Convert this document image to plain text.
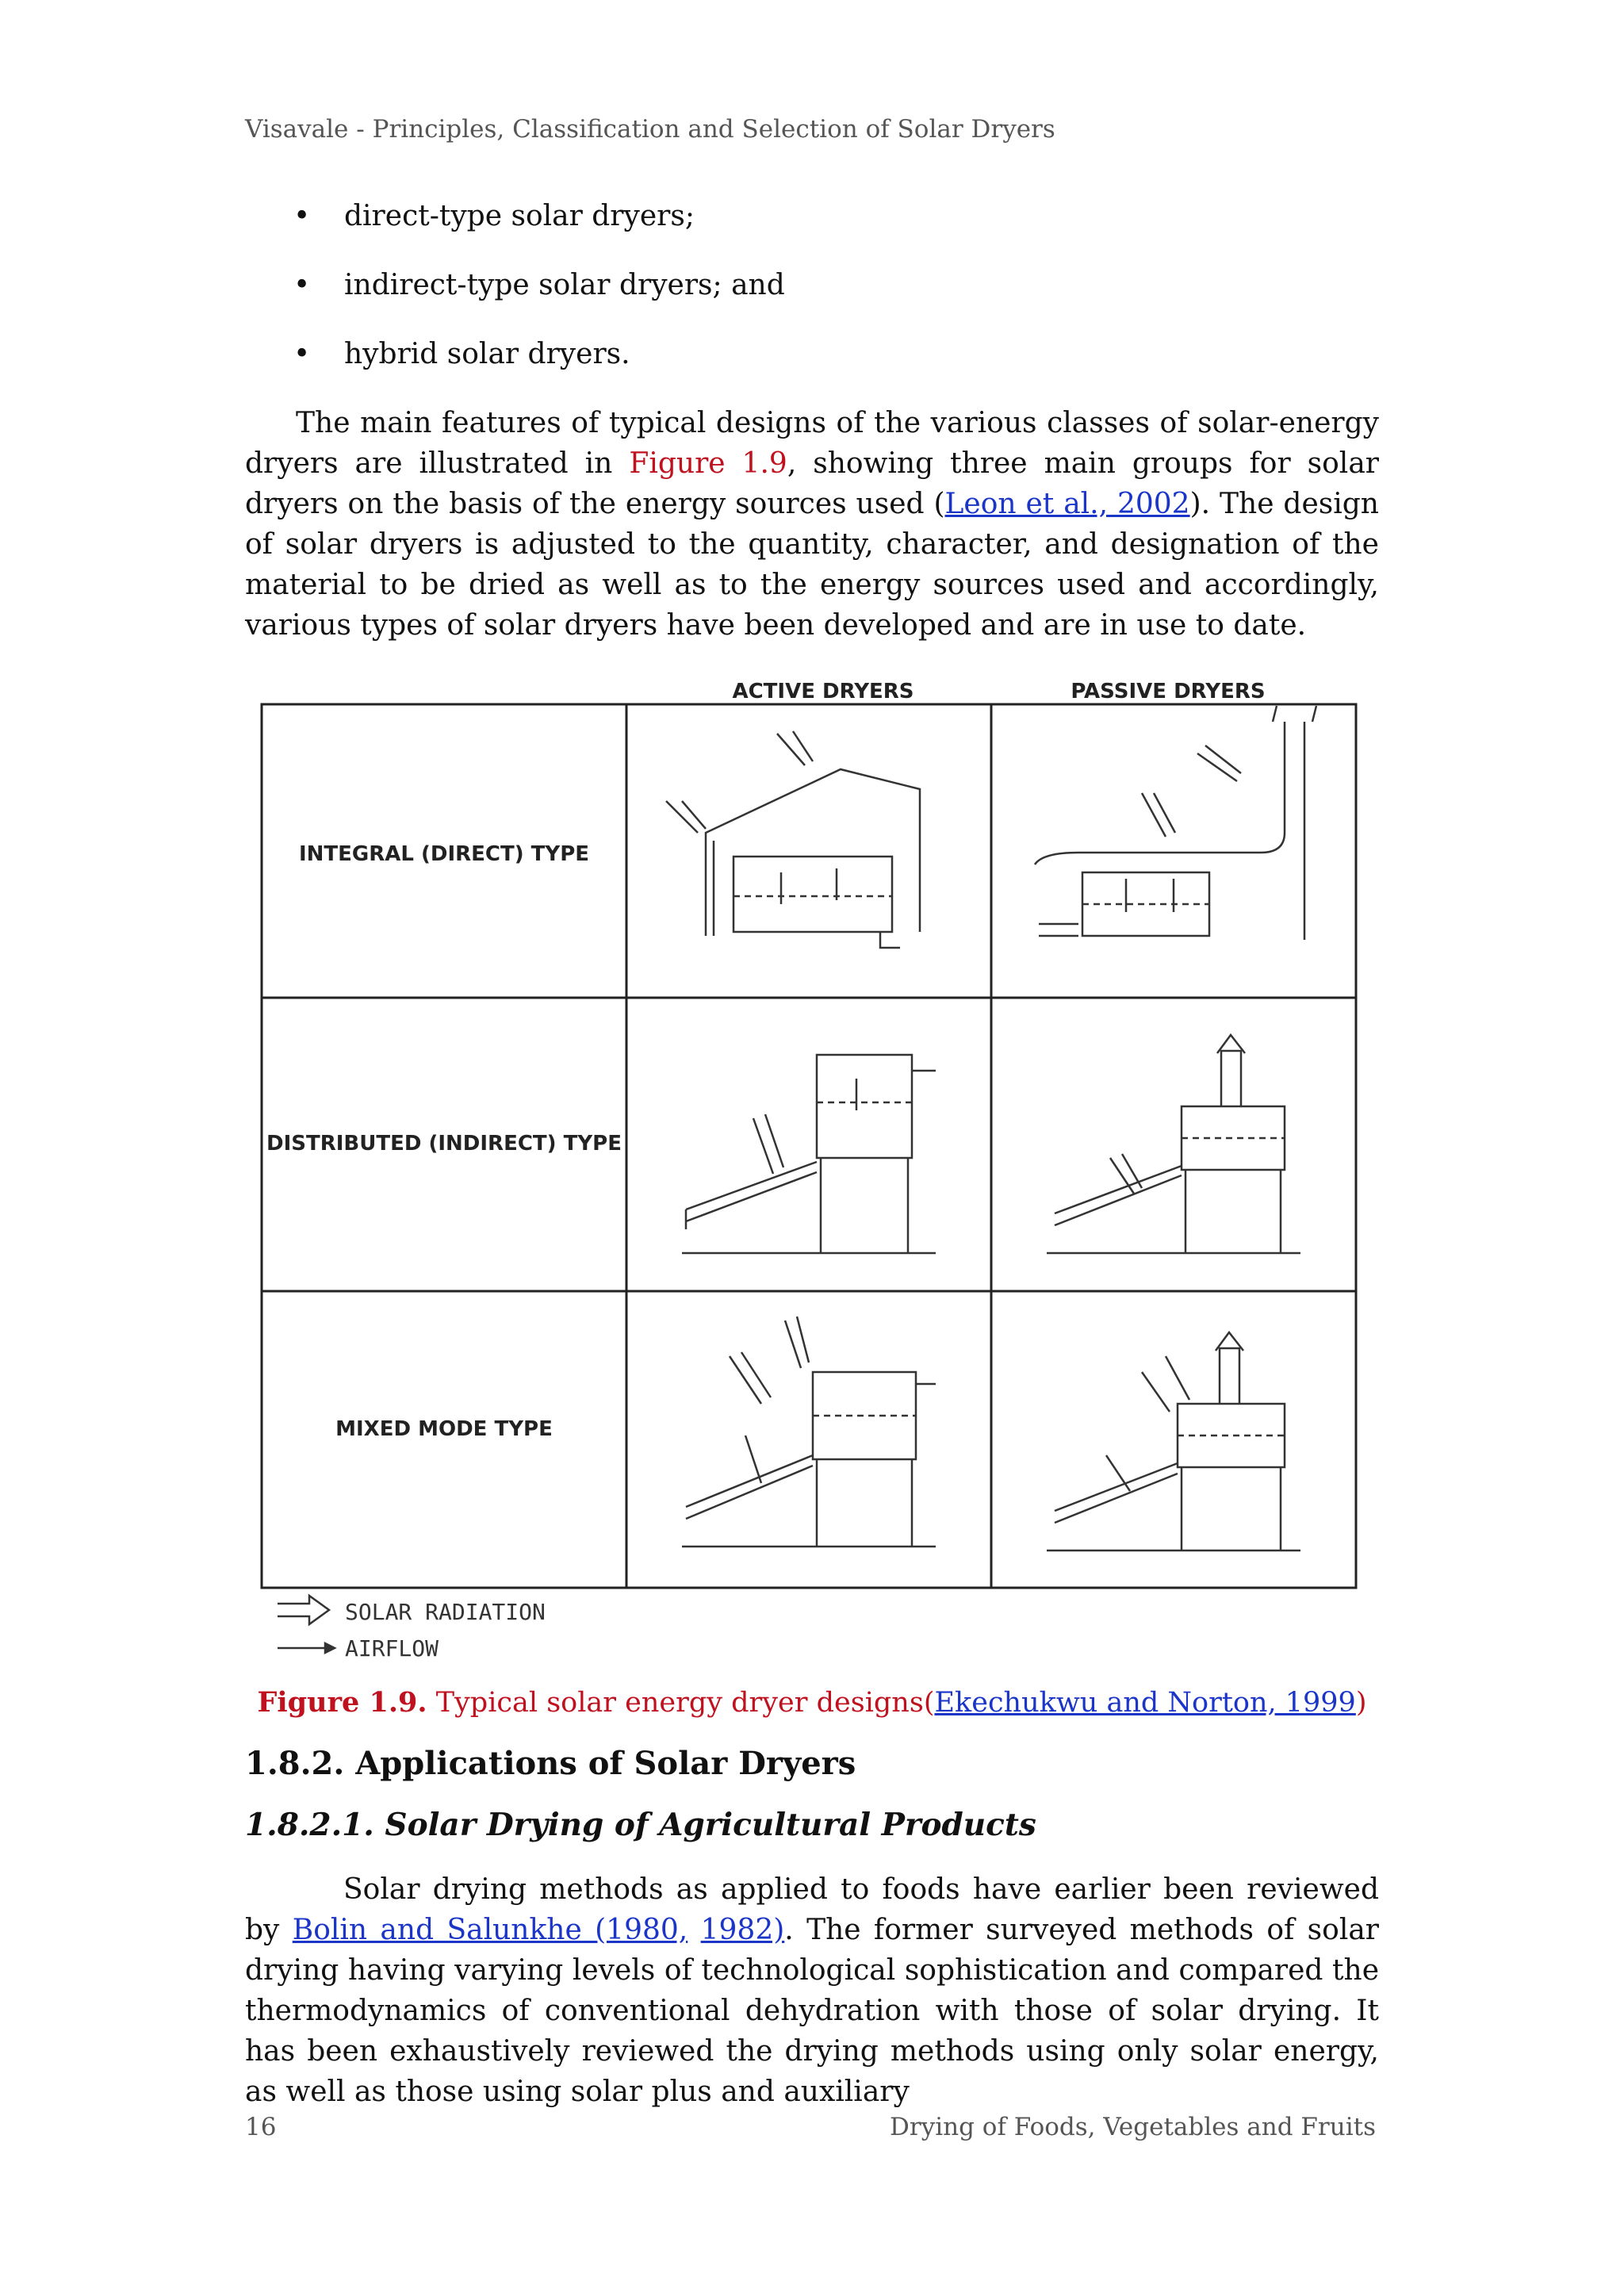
Visavale - Principles, Classification and Selection of Solar Dryers
• direct-type solar dryers;
• indirect-type solar dryers; and
• hybrid solar dryers.

The main features of typical designs of the various classes of solar-energy dryers are illustrated in Figure 1.9, showing three main groups for solar dryers on the basis of the energy sources used (Leon et al., 2002). The design of solar dryers is adjusted to the quantity, character, and designation of the material to be dried as well as to the energy sources used and accordingly, various types of solar dryers have been developed and are in use to date.

ACTIVE DRYERS	PASSIVE DRYERS
INTEGRAL (DIRECT) TYPE
DISTRIBUTED (INDIRECT) TYPE
MIXED MODE TYPE
SOLAR RADIATION
AIRFLOW
Figure 1.9. Typical solar energy dryer designs(Ekechukwu and Norton, 1999)
1.8.2. Applications of Solar Dryers
1.8.2.1. Solar Drying of Agricultural Products

Solar drying methods as applied to foods have earlier been reviewed by Bolin and Salunkhe (1980, 1982). The former surveyed methods of solar drying having varying levels of technological sophistication and compared the thermodynamics of conventional dehydration with those of solar drying. It has been exhaustively reviewed the drying methods using only solar energy, as well as those using solar plus and auxiliary

16	Drying of Foods, Vegetables and Fruits
